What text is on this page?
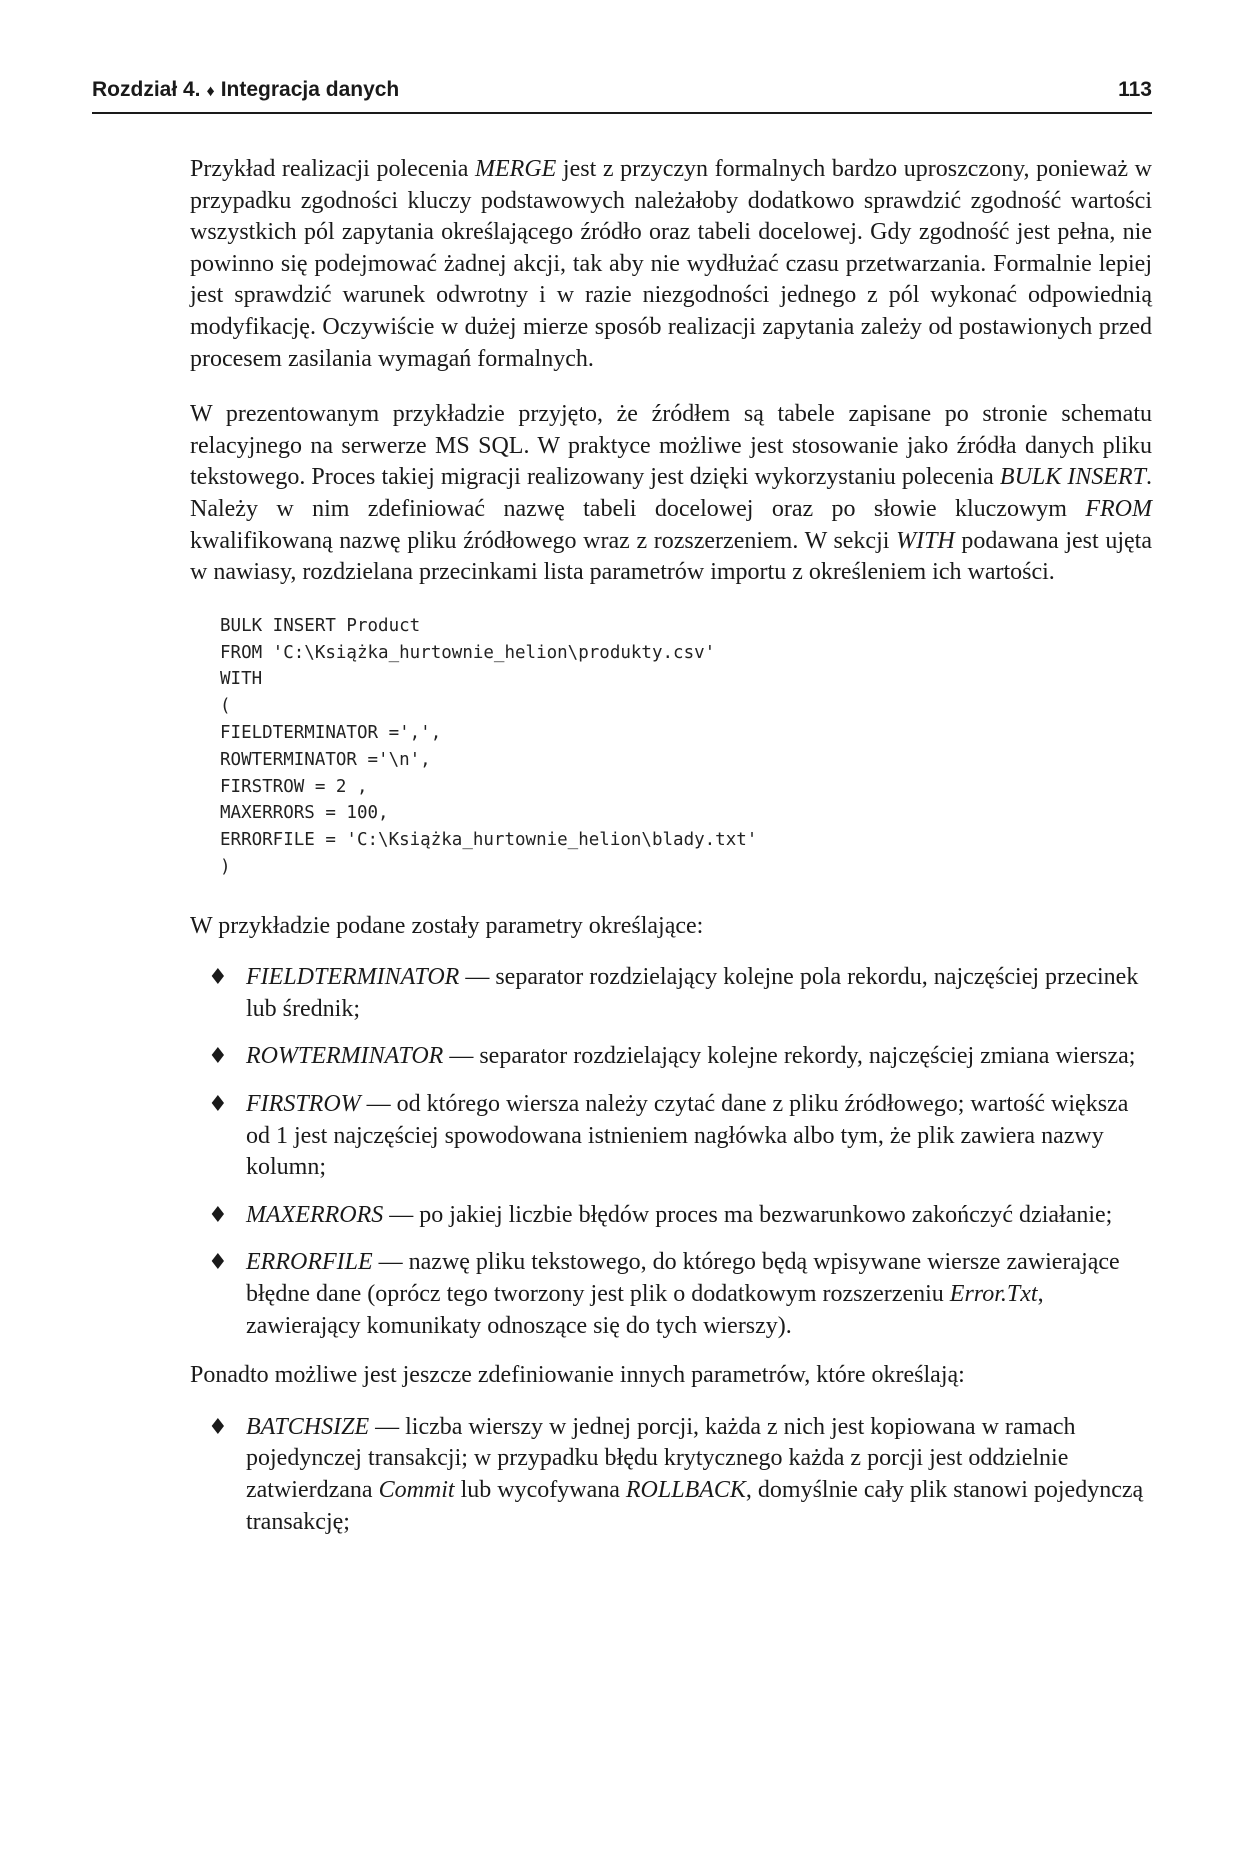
Rozdział 4. ♦ Integracja danych	113

Przykład realizacji polecenia MERGE jest z przyczyn formalnych bardzo uproszczony, ponieważ w przypadku zgodności kluczy podstawowych należałoby dodatkowo sprawdzić zgodność wartości wszystkich pól zapytania określającego źródło oraz tabeli docelowej. Gdy zgodność jest pełna, nie powinno się podejmować żadnej akcji, tak aby nie wydłużać czasu przetwarzania. Formalnie lepiej jest sprawdzić warunek odwrotny i w razie niezgodności jednego z pól wykonać odpowiednią modyfikację. Oczywiście w dużej mierze sposób realizacji zapytania zależy od postawionych przed procesem zasilania wymagań formalnych.

W prezentowanym przykładzie przyjęto, że źródłem są tabele zapisane po stronie schematu relacyjnego na serwerze MS SQL. W praktyce możliwe jest stosowanie jako źródła danych pliku tekstowego. Proces takiej migracji realizowany jest dzięki wykorzystaniu polecenia BULK INSERT. Należy w nim zdefiniować nazwę tabeli docelowej oraz po słowie kluczowym FROM kwalifikowaną nazwę pliku źródłowego wraz z rozszerzeniem. W sekcji WITH podawana jest ujęta w nawiasy, rozdzielana przecinkami lista parametrów importu z określeniem ich wartości.

BULK INSERT Product
FROM 'C:\Książka_hurtownie_helion\produkty.csv'
WITH
(
FIELDTERMINATOR =',',
ROWTERMINATOR ='\n',
FIRSTROW = 2 ,
MAXERRORS = 100,
ERRORFILE = 'C:\Książka_hurtownie_helion\blady.txt'
)

W przykładzie podane zostały parametry określające:

♦ FIELDTERMINATOR — separator rozdzielający kolejne pola rekordu, najczęściej przecinek lub średnik;
♦ ROWTERMINATOR — separator rozdzielający kolejne rekordy, najczęściej zmiana wiersza;
♦ FIRSTROW — od którego wiersza należy czytać dane z pliku źródłowego; wartość większa od 1 jest najczęściej spowodowana istnieniem nagłówka albo tym, że plik zawiera nazwy kolumn;
♦ MAXERRORS — po jakiej liczbie błędów proces ma bezwarunkowo zakończyć działanie;
♦ ERRORFILE — nazwę pliku tekstowego, do którego będą wpisywane wiersze zawierające błędne dane (oprócz tego tworzony jest plik o dodatkowym rozszerzeniu Error.Txt, zawierający komunikaty odnoszące się do tych wierszy).

Ponadto możliwe jest jeszcze zdefiniowanie innych parametrów, które określają:

♦ BATCHSIZE — liczba wierszy w jednej porcji, każda z nich jest kopiowana w ramach pojedynczej transakcji; w przypadku błędu krytycznego każda z porcji jest oddzielnie zatwierdzana Commit lub wycofywana ROLLBACK, domyślnie cały plik stanowi pojedynczą transakcję;
